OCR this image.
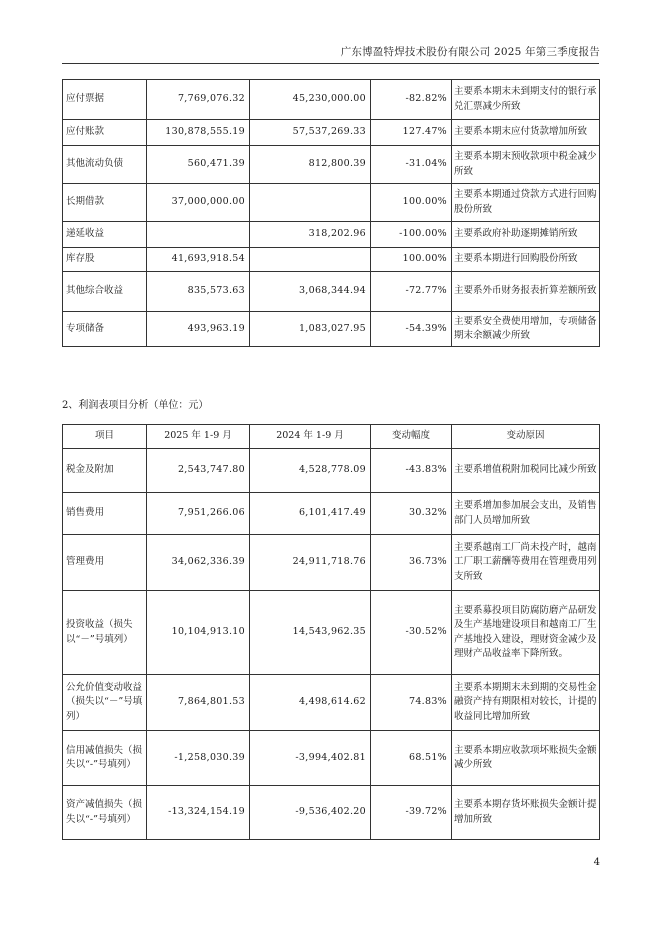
广东博盈特焊技术股份有限公司 2025 年第三季度报告
应付票据	7,769,076.32	45,230,000.00	-82.82%	主要系本期末未到期支付的银行承兑汇票减少所致
应付账款	130,878,555.19	57,537,269.33	127.47%	主要系本期末应付货款增加所致
其他流动负债	560,471.39	812,800.39	-31.04%	主要系本期末预收款项中税金减少所致
长期借款	37,000,000.00		100.00%	主要系本期通过贷款方式进行回购股份所致
递延收益		318,202.96	-100.00%	主要系政府补助逐期摊销所致
库存股	41,693,918.54		100.00%	主要系本期进行回购股份所致
其他综合收益	835,573.63	3,068,344.94	-72.77%	主要系外币财务报表折算差额所致
专项储备	493,963.19	1,083,027.95	-54.39%	主要系安全费使用增加，专项储备期末余额减少所致
2、利润表项目分析（单位：元）
项目	2025 年 1-9 月	2024 年 1-9 月	变动幅度	变动原因
税金及附加	2,543,747.80	4,528,778.09	-43.83%	主要系增值税附加税同比减少所致
销售费用	7,951,266.06	6,101,417.49	30.32%	主要系增加参加展会支出，及销售部门人员增加所致
管理费用	34,062,336.39	24,911,718.76	36.73%	主要系越南工厂尚未投产时，越南工厂职工薪酬等费用在管理费用列支所致
投资收益（损失以“－”号填列）	10,104,913.10	14,543,962.35	-30.52%	主要系募投项目防腐防磨产品研发及生产基地建设项目和越南工厂生产基地投入建设，理财资金减少及理财产品收益率下降所致。
公允价值变动收益（损失以“－”号填列）	7,864,801.53	4,498,614.62	74.83%	主要系本期期末未到期的交易性金融资产持有期限相对较长，计提的收益同比增加所致
信用减值损失（损失以“-”号填列）	-1,258,030.39	-3,994,402.81	68.51%	主要系本期应收款项坏账损失金额减少所致
资产减值损失（损失以“-”号填列）	-13,324,154.19	-9,536,402.20	-39.72%	主要系本期存货坏账损失金额计提增加所致
4
